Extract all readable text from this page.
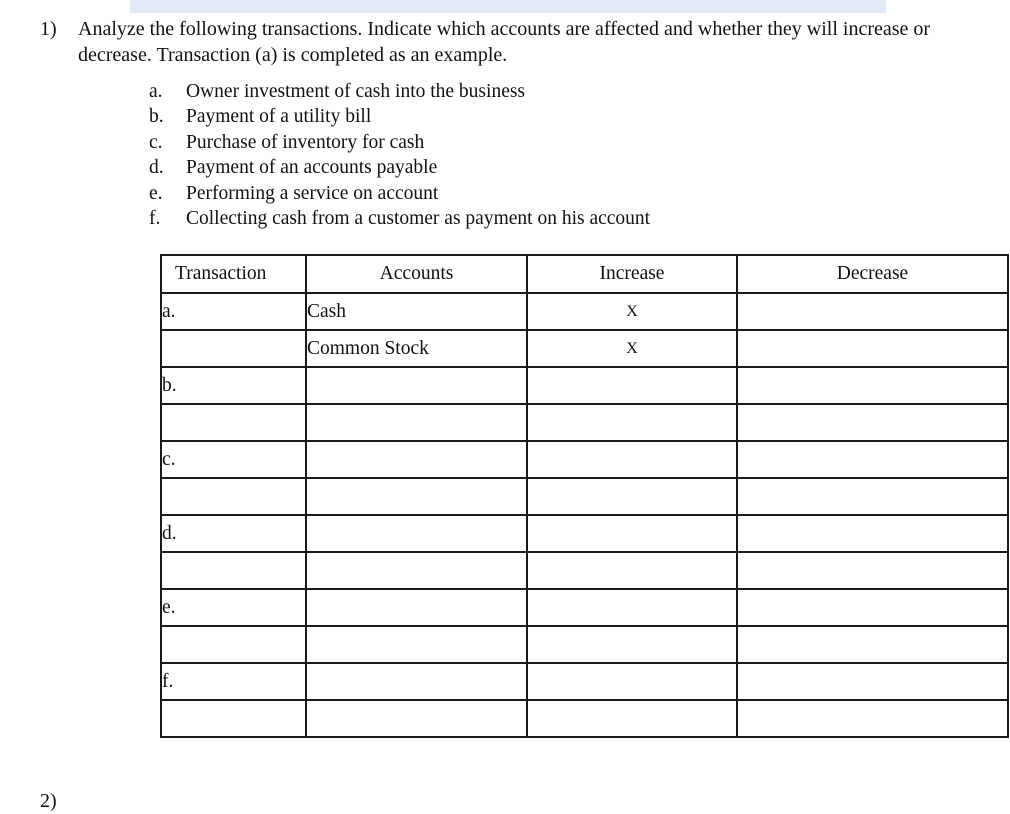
1) Analyze the following transactions. Indicate which accounts are affected and whether they will increase or decrease. Transaction (a) is completed as an example.
a. Owner investment of cash into the business
b. Payment of a utility bill
c. Purchase of inventory for cash
d. Payment of an accounts payable
e. Performing a service on account
f. Collecting cash from a customer as payment on his account
Transaction	Accounts	Increase	Decrease
a.	Cash	X	
	Common Stock	X	
b.			

c.			

d.			

e.			

f.			

2)
